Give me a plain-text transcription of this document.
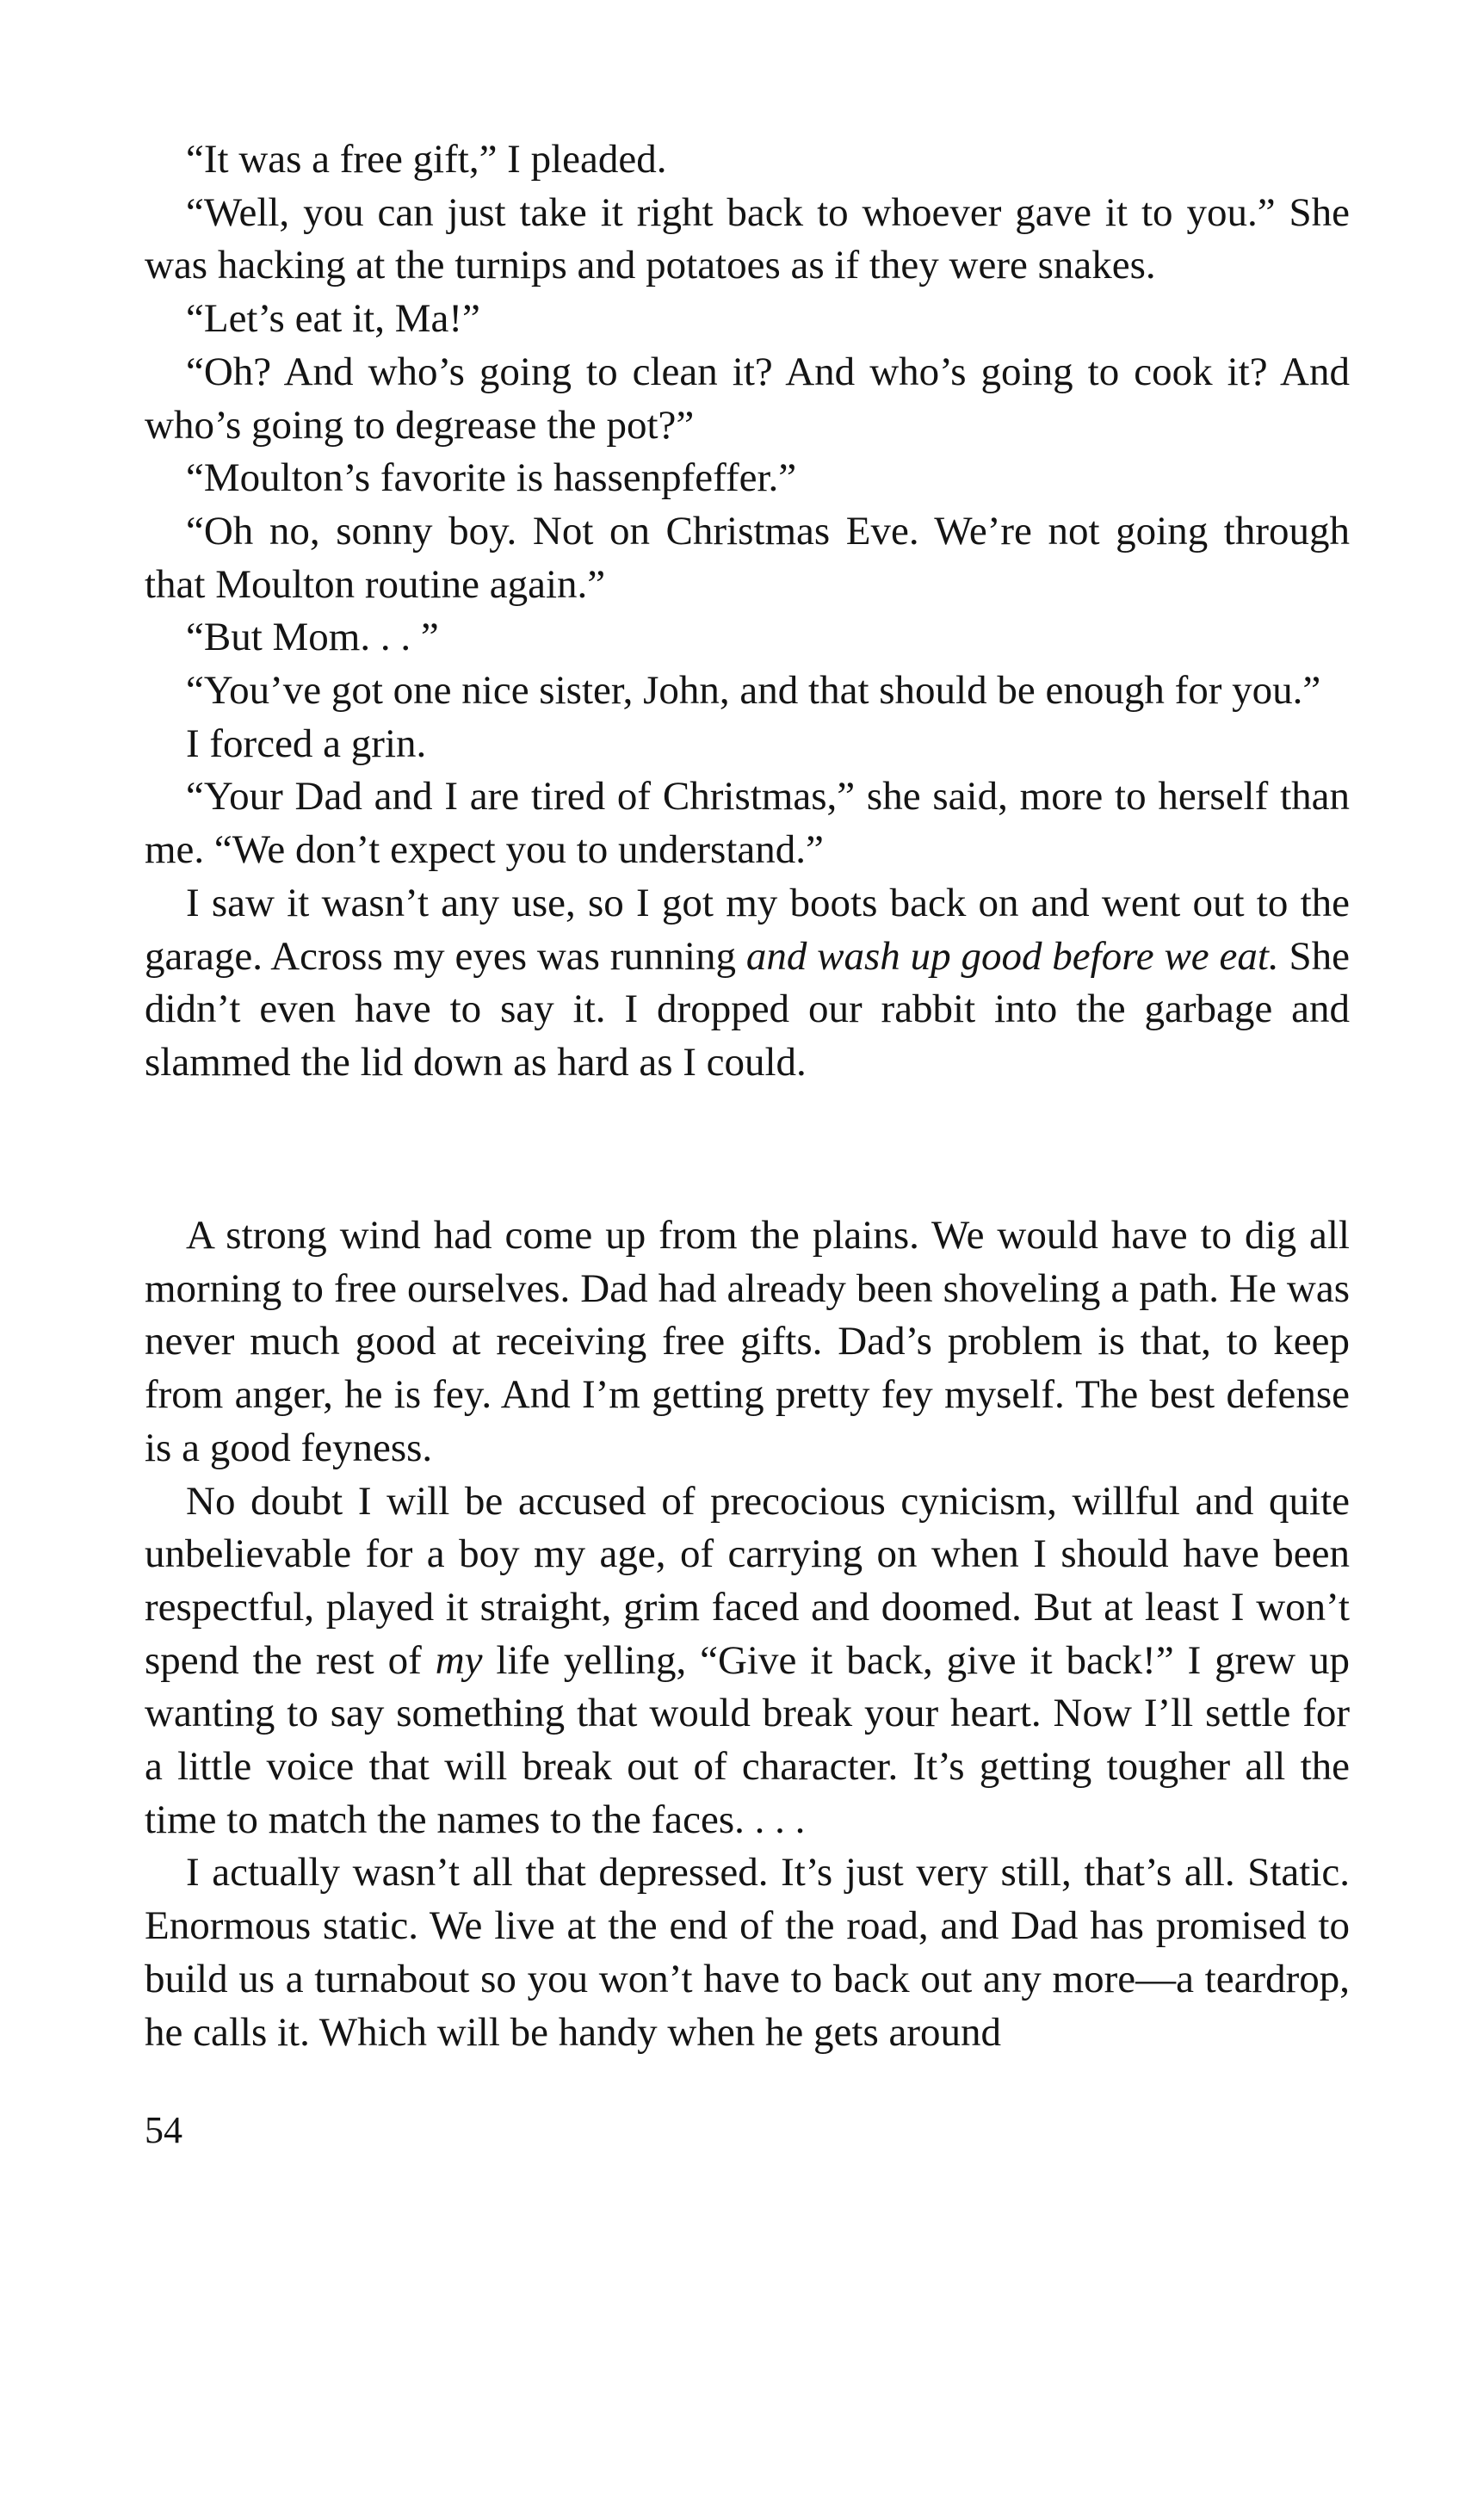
“It was a free gift,” I pleaded.

“Well, you can just take it right back to whoever gave it to you.” She was hacking at the turnips and potatoes as if they were snakes.

“Let’s eat it, Ma!”

“Oh? And who’s going to clean it? And who’s going to cook it? And who’s going to degrease the pot?”

“Moulton’s favorite is hassenpfeffer.”

“Oh no, sonny boy. Not on Christmas Eve. We’re not going through that Moulton routine again.”

“But Mom. . . ”

“You’ve got one nice sister, John, and that should be enough for you.”

I forced a grin.

“Your Dad and I are tired of Christmas,” she said, more to herself than me. “We don’t expect you to understand.”

I saw it wasn’t any use, so I got my boots back on and went out to the garage. Across my eyes was running and wash up good before we eat. She didn’t even have to say it. I dropped our rabbit into the garbage and slammed the lid down as hard as I could.

A strong wind had come up from the plains. We would have to dig all morning to free ourselves. Dad had already been shoveling a path. He was never much good at receiving free gifts. Dad’s problem is that, to keep from anger, he is fey. And I’m getting pretty fey myself. The best defense is a good feyness.

No doubt I will be accused of precocious cynicism, willful and quite unbelievable for a boy my age, of carrying on when I should have been respectful, played it straight, grim faced and doomed. But at least I won’t spend the rest of my life yelling, “Give it back, give it back!” I grew up wanting to say something that would break your heart. Now I’ll settle for a little voice that will break out of character. It’s getting tougher all the time to match the names to the faces. . . .

I actually wasn’t all that depressed. It’s just very still, that’s all. Static. Enormous static. We live at the end of the road, and Dad has promised to build us a turnabout so you won’t have to back out any more—a teardrop, he calls it. Which will be handy when he gets around

54
